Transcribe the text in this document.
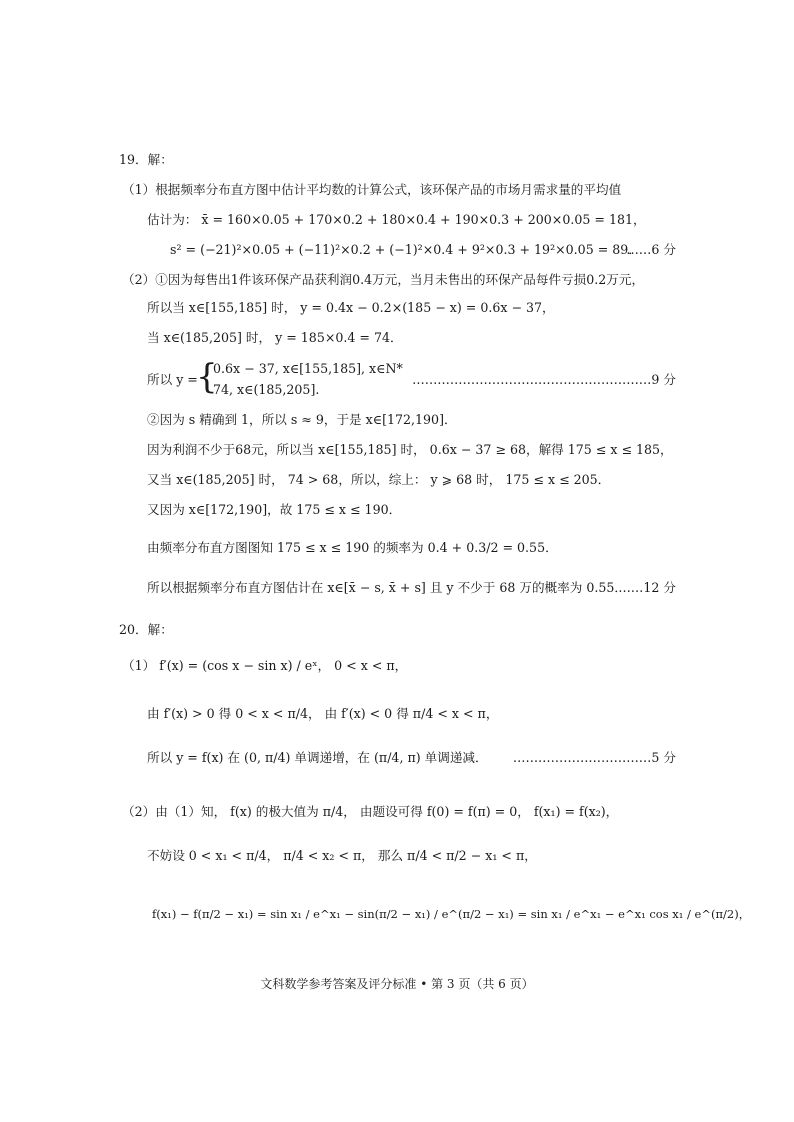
19．解：
（1）根据频率分布直方图中估计平均数的计算公式，该环保产品的市场月需求量的平均值
估计为： x̄ = 160×0.05 + 170×0.2 + 180×0.4 + 190×0.3 + 200×0.05 = 181，
s² = (−21)²×0.05 + (−11)²×0.2 + (−1)²×0.4 + 9²×0.3 + 19²×0.05 = 89．
……6 分
（2）①因为每售出1件该环保产品获利润0.4万元，当月未售出的环保产品每件亏损0.2万元，
所以当 x∈[155,185] 时， y = 0.4x − 0.2×(185 − x) = 0.6x − 37，
当 x∈(185,205] 时， y = 185×0.4 = 74．
所以 y =
{
0.6x − 37, x∈[155,185], x∈N*
74, x∈(185,205].
…………………………………………………9 分
②因为 s 精确到 1，所以 s ≈ 9，于是 x∈[172,190]．
因为利润不少于68元，所以当 x∈[155,185] 时， 0.6x − 37 ≥ 68，解得 175 ≤ x ≤ 185，
又当 x∈(185,205] 时， 74 > 68，所以，综上： y ⩾ 68 时， 175 ≤ x ≤ 205．
又因为 x∈[172,190]，故 175 ≤ x ≤ 190．
由频率分布直方图图知 175 ≤ x ≤ 190 的频率为 0.4 + 0.3/2 = 0.55．
所以根据频率分布直方图估计在 x∈[x̄ − s, x̄ + s] 且 y 不少于 68 万的概率为 0.55．
……12 分
20．解：
（1） f′(x) = (cos x − sin x) / eˣ， 0 < x < π，
由 f′(x) > 0 得 0 < x < π/4， 由 f′(x) < 0 得 π/4 < x < π，
所以 y = f(x) 在 (0, π/4) 单调递增，在 (π/4, π) 单调递减． ……………………………5 分
（2）由（1）知， f(x) 的极大值为 π/4， 由题设可得 f(0) = f(π) = 0， f(x₁) = f(x₂)，
不妨设 0 < x₁ < π/4， π/4 < x₂ < π， 那么 π/4 < π/2 − x₁ < π，
f(x₁) − f(π/2 − x₁) = sin x₁ / e^x₁ − sin(π/2 − x₁) / e^(π/2 − x₁) = sin x₁ / e^x₁ − e^x₁ cos x₁ / e^(π/2)，
文科数学参考答案及评分标准 • 第 3 页（共 6 页）
